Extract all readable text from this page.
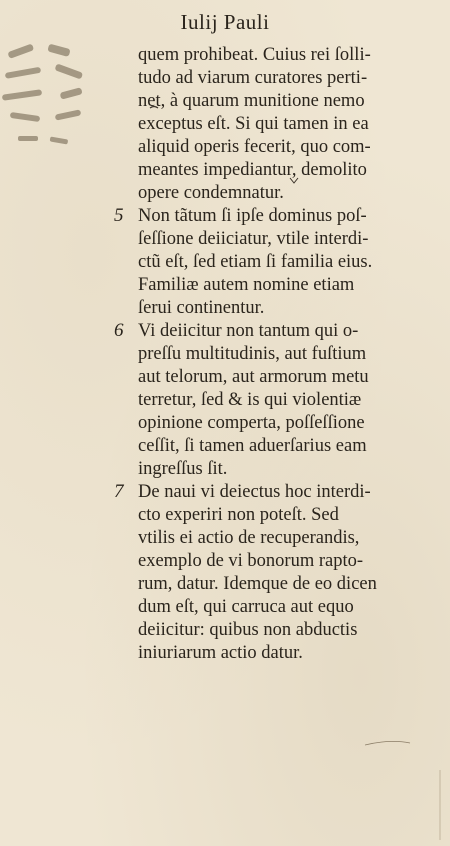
Iulij Pauli
quem prohibeat. Cuius rei ſolli-
tudo ad viarum curatores perti-
net, à quarum munitione nemo
exceptus eſt. Si qui tamen in ea
aliquid operis fecerit, quo com-
meantes impediantur, demolito
opere condemnatur.
Non tãtum ſi ipſe dominus poſ-
ſeſſione deiiciatur, vtile interdi-
ctũ eſt, ſed etiam ſi familia eius.
Familiæ autem nomine etiam
ſerui continentur.
Vi deiicitur non tantum qui o-
preſſu multitudinis, aut fuſtium
aut telorum, aut armorum metu
terretur, ſed & is qui violentiæ
opinione comperta, poſſeſſione
ceſſit, ſi tamen aduerſarius eam
ingreſſus ſit.
De naui vi deiectus hoc interdi-
cto experiri non poteſt. Sed
vtilis ei actio de recuperandis,
exemplo de vi bonorum rapto-
rum, datur. Idemque de eo dicen
dum eſt, qui carruca aut equo
deiicitur: quibus non abductis
iniuriarum actio datur.
5
6
7
